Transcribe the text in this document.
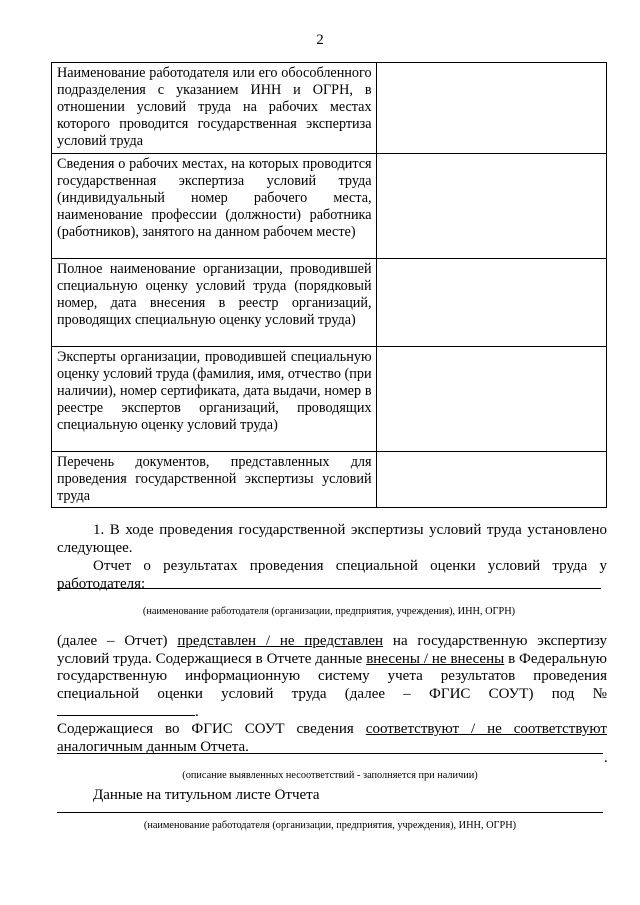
2
Наименование работодателя или его обособленного подразделения с указанием ИНН и ОГРН, в отношении условий труда на рабочих местах которого проводится государственная экспертиза условий труда	
Сведения о рабочих местах, на которых проводится государственная экспертиза условий труда (индивидуальный номер рабочего места, наименование профессии (должности) работника (работников), занятого на данном рабочем месте)	
Полное наименование организации, проводившей специальную оценку условий труда (порядковый номер, дата внесения в реестр организаций, проводящих специальную оценку условий труда)	
Эксперты организации, проводившей специальную оценку условий труда (фамилия, имя, отчество (при наличии), номер сертификата, дата выдачи, номер в реестре экспертов организаций, проводящих специальную оценку условий труда)	
Перечень документов, представленных для проведения государственной экспертизы условий труда	
1. В ходе проведения государственной экспертизы условий труда установлено следующее.
Отчет о результатах проведения специальной оценки условий труда у работодателя:
(наименование работодателя (организации, предприятия, учреждения), ИНН, ОГРН)
(далее – Отчет) представлен / не представлен на государственную экспертизу условий труда. Содержащиеся в Отчете данные внесены / не внесены в Федеральную государственную информационную систему учета результатов проведения специальной оценки условий труда (далее – ФГИС СОУТ) под № .
Содержащиеся во ФГИС СОУТ сведения соответствуют / не соответствуют аналогичным данным Отчета.
.
(описание выявленных несоответствий - заполняется при наличии)
Данные на титульном листе Отчета
(наименование работодателя (организации, предприятия, учреждения), ИНН, ОГРН)
